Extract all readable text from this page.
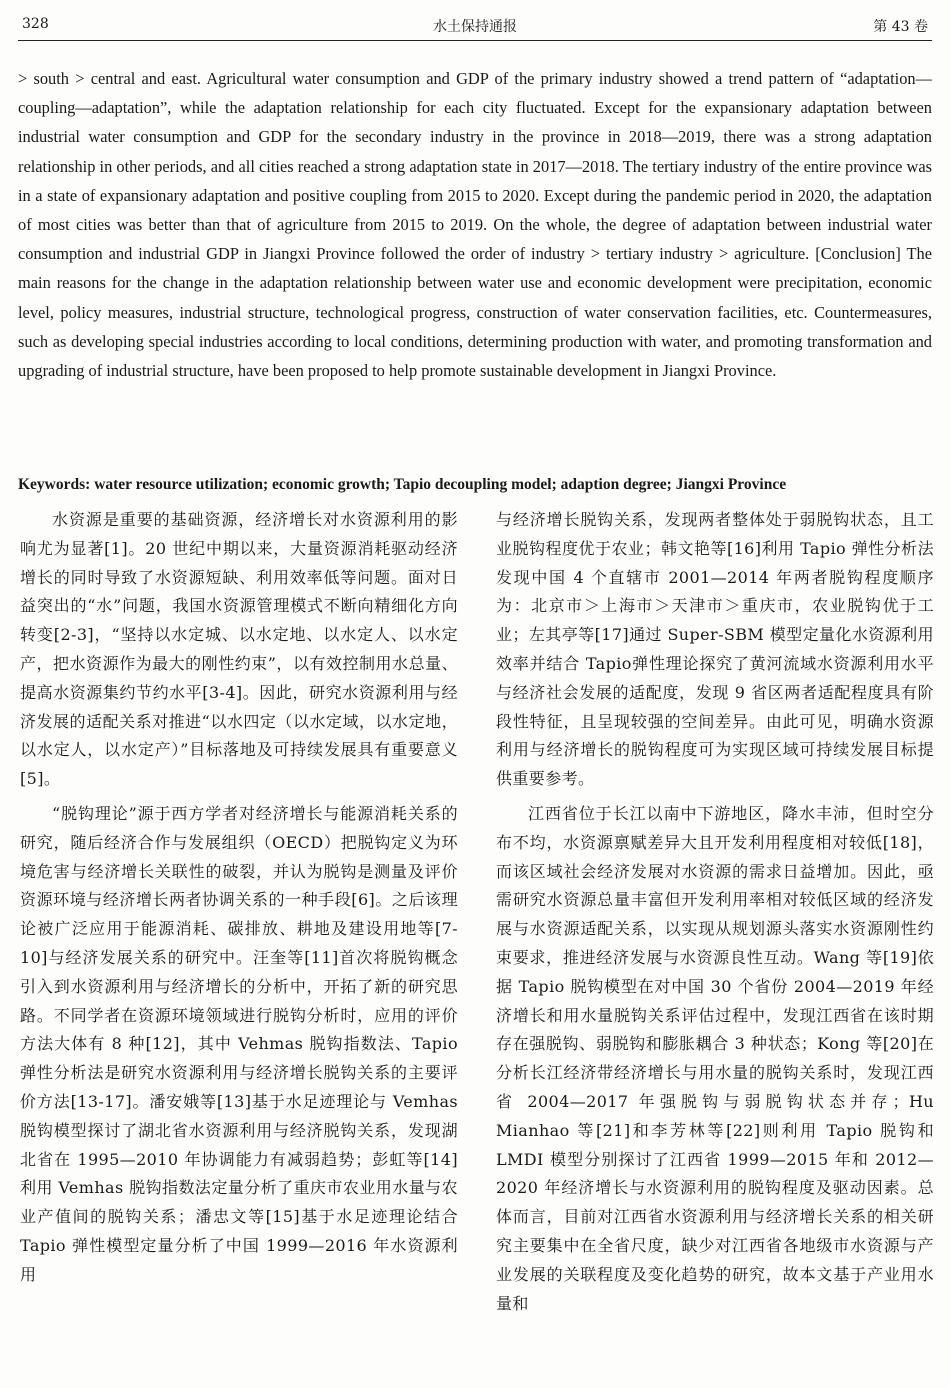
328	水土保持通报	第 43 卷
> south > central and east. Agricultural water consumption and GDP of the primary industry showed a trend pattern of “adaptation—coupling—adaptation”, while the adaptation relationship for each city fluctuated. Except for the expansionary adaptation between industrial water consumption and GDP for the secondary industry in the province in 2018—2019, there was a strong adaptation relationship in other periods, and all cities reached a strong adaptation state in 2017—2018. The tertiary industry of the entire province was in a state of expansionary adaptation and positive coupling from 2015 to 2020. Except during the pandemic period in 2020, the adaptation of most cities was better than that of agriculture from 2015 to 2019. On the whole, the degree of adaptation between industrial water consumption and industrial GDP in Jiangxi Province followed the order of industry > tertiary industry > agriculture. [Conclusion] The main reasons for the change in the adaptation relationship between water use and economic development were precipitation, economic level, policy measures, industrial structure, technological progress, construction of water conservation facilities, etc. Countermeasures, such as developing special industries according to local conditions, determining production with water, and promoting transformation and upgrading of industrial structure, have been proposed to help promote sustainable development in Jiangxi Province.
Keywords: water resource utilization; economic growth; Tapio decoupling model; adaption degree; Jiangxi Province

水资源是重要的基础资源，经济增长对水资源利用的影响尤为显著[1]。20 世纪中期以来，大量资源消耗驱动经济增长的同时导致了水资源短缺、利用效率低等问题。面对日益突出的“水”问题，我国水资源管理模式不断向精细化方向转变[2-3]，“坚持以水定城、以水定地、以水定人、以水定产，把水资源作为最大的刚性约束”，以有效控制用水总量、提高水资源集约节约水平[3-4]。因此，研究水资源利用与经济发展的适配关系对推进“以水四定（以水定域，以水定地，以水定人，以水定产）”目标落地及可持续发展具有重要意义[5]。

“脱钩理论”源于西方学者对经济增长与能源消耗关系的研究，随后经济合作与发展组织（OECD）把脱钩定义为环境危害与经济增长关联性的破裂，并认为脱钩是测量及评价资源环境与经济增长两者协调关系的一种手段[6]。之后该理论被广泛应用于能源消耗、碳排放、耕地及建设用地等[7-10]与经济发展关系的研究中。汪奎等[11]首次将脱钩概念引入到水资源利用与经济增长的分析中，开拓了新的研究思路。不同学者在资源环境领域进行脱钩分析时，应用的评价方法大体有 8 种[12]，其中 Vehmas 脱钩指数法、Tapio 弹性分析法是研究水资源利用与经济增长脱钩关系的主要评价方法[13-17]。潘安娥等[13]基于水足迹理论与 Vemhas 脱钩模型探讨了湖北省水资源利用与经济脱钩关系，发现湖北省在 1995—2010 年协调能力有减弱趋势；彭虹等[14]利用 Vemhas 脱钩指数法定量分析了重庆市农业用水量与农业产值间的脱钩关系；潘忠文等[15]基于水足迹理论结合 Tapio 弹性模型定量分析了中国 1999—2016 年水资源利用

与经济增长脱钩关系，发现两者整体处于弱脱钩状态，且工业脱钩程度优于农业；韩文艳等[16]利用 Tapio 弹性分析法发现中国 4 个直辖市 2001—2014 年两者脱钩程度顺序为：北京市＞上海市＞天津市＞重庆市，农业脱钩优于工业；左其亭等[17]通过 Super-SBM 模型定量化水资源利用效率并结合 Tapio弹性理论探究了黄河流域水资源利用水平与经济社会发展的适配度，发现 9 省区两者适配程度具有阶段性特征，且呈现较强的空间差异。由此可见，明确水资源利用与经济增长的脱钩程度可为实现区域可持续发展目标提供重要参考。

江西省位于长江以南中下游地区，降水丰沛，但时空分布不均，水资源禀赋差异大且开发利用程度相对较低[18]，而该区域社会经济发展对水资源的需求日益增加。因此，亟需研究水资源总量丰富但开发利用率相对较低区域的经济发展与水资源适配关系，以实现从规划源头落实水资源刚性约束要求，推进经济发展与水资源良性互动。Wang 等[19]依据 Tapio 脱钩模型在对中国 30 个省份 2004—2019 年经济增长和用水量脱钩关系评估过程中，发现江西省在该时期存在强脱钩、弱脱钩和膨胀耦合 3 种状态；Kong 等[20]在分析长江经济带经济增长与用水量的脱钩关系时，发现江西省 2004—2017 年强脱钩与弱脱钩状态并存；Hu Mianhao 等[21]和李芳林等[22]则利用 Tapio 脱钩和 LMDI 模型分别探讨了江西省 1999—2015 年和 2012—2020 年经济增长与水资源利用的脱钩程度及驱动因素。总体而言，目前对江西省水资源利用与经济增长关系的相关研究主要集中在全省尺度，缺少对江西省各地级市水资源与产业发展的关联程度及变化趋势的研究，故本文基于产业用水量和
